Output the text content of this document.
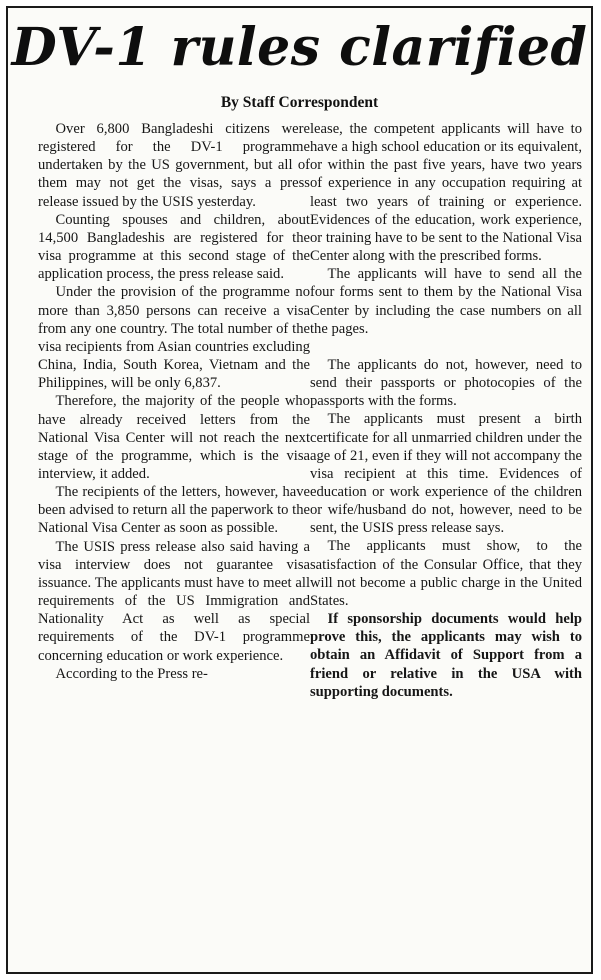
DV-1 rules clarified
By Staff Correspondent

Over 6,800 Bangladeshi citizens were registered for the DV-1 programme undertaken by the US government, but all of them may not get the visas, says a press release issued by the USIS yesterday.

Counting spouses and children, about 14,500 Bangladeshis are registered for the visa programme at this second stage of the application process, the press release said.

Under the provision of the programme no more than 3,850 persons can receive a visa from any one country. The total number of the visa recipients from Asian countries excluding China, India, South Korea, Vietnam and the Philippines, will be only 6,837.

Therefore, the majority of the people who have already received letters from the National Visa Center will not reach the next stage of the programme, which is the visa interview, it added.

The recipients of the letters, however, have been advised to return all the paperwork to the National Visa Center as soon as possible.

The USIS press release also said having a visa interview does not guarantee visa issuance. The applicants must have to meet all requirements of the US Immigration and Nationality Act as well as special requirements of the DV-1 programme concerning education or work experience.

According to the Press re-

lease, the competent applicants will have to have a high school education or its equivalent, or within the past five years, have two years of experience in any occupation requiring at least two years of training or experience. Evidences of the education, work experience, or training have to be sent to the National Visa Center along with the prescribed forms.

The applicants will have to send all the four forms sent to them by the National Visa Center by including the case numbers on all the pages.

The applicants do not, however, need to send their passports or photocopies of the passports with the forms.

The applicants must present a birth certificate for all unmarried children under the age of 21, even if they will not accompany the visa recipient at this time. Evidences of education or work experience of the children or wife/husband do not, however, need to be sent, the USIS press release says.

The applicants must show, to the satisfaction of the Consular Office, that they will not become a public charge in the United States.

If sponsorship documents would help prove this, the applicants may wish to obtain an Affidavit of Support from a friend or relative in the USA with supporting documents.
